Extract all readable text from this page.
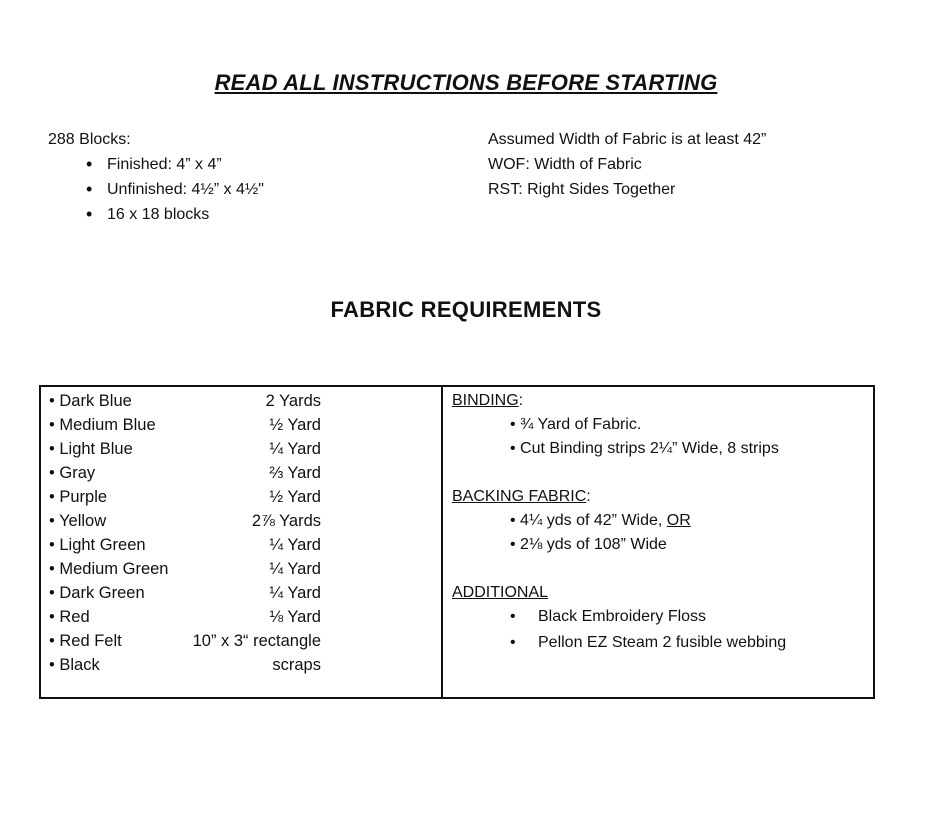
READ ALL INSTRUCTIONS BEFORE STARTING
288 Blocks:
• Finished: 4” x 4”
• Unfinished: 4½” x 4½"
• 16 x 18 blocks
Assumed Width of Fabric is at least 42”
WOF: Width of Fabric
RST: Right Sides Together
FABRIC REQUIREMENTS
• Dark Blue	2 Yards
• Medium Blue	½ Yard
• Light Blue	¼ Yard
• Gray	⅔ Yard
• Purple	½ Yard
• Yellow	2⅞ Yards
• Light Green	¼ Yard
• Medium Green	¼ Yard
• Dark Green	¼ Yard
• Red	⅛ Yard
• Red Felt	10” x 3“ rectangle
• Black	scraps
BINDING:
• ¾ Yard of Fabric.
• Cut Binding strips 2¼” Wide, 8 strips
BACKING FABRIC:
• 4¼ yds of 42” Wide, OR
• 2⅛ yds of 108” Wide
ADDITIONAL
• Black Embroidery Floss
• Pellon EZ Steam 2 fusible webbing
